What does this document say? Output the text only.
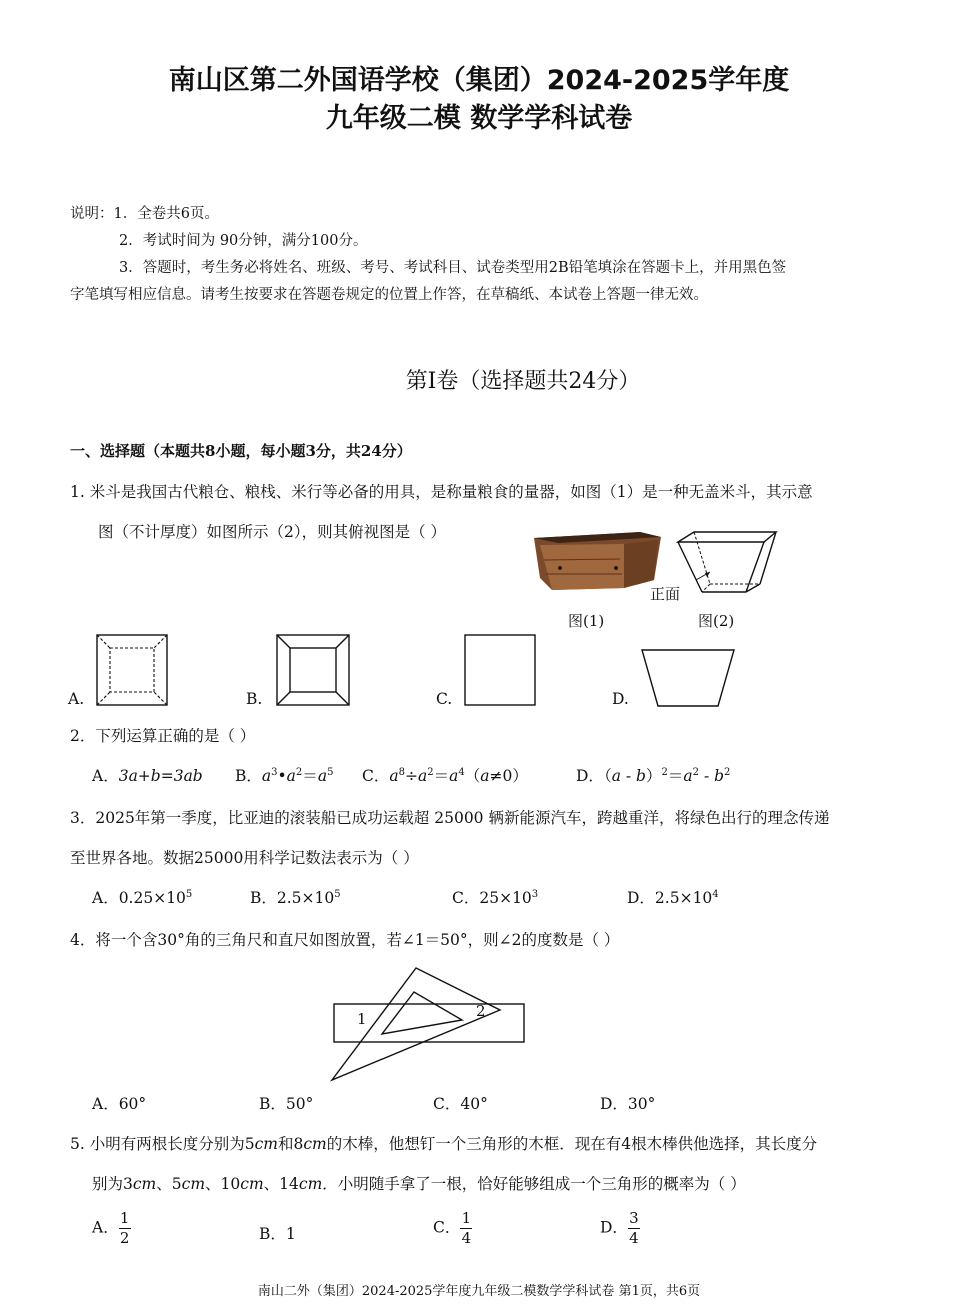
南山区第二外国语学校（集团）2024-2025学年度
九年级二模 数学学科试卷
说明：1．全卷共6页。
2．考试时间为 90分钟，满分100分。
3．答题时，考生务必将姓名、班级、考号、考试科目、试卷类型用2B铅笔填涂在答题卡上，并用黑色签
字笔填写相应信息。请考生按要求在答题卷规定的位置上作答，在草稿纸、本试卷上答题一律无效。
第Ⅰ卷（选择题共24分）
一、选择题（本题共8小题，每小题3分，共24分）
1. 米斗是我国古代粮仓、粮栈、米行等必备的用具，是称量粮食的量器，如图（1）是一种无盖米斗，其示意
图（不计厚度）如图所示（2），则其俯视图是（ ）
正面
图(1)	图(2)
A.	B.	C.	D.
2．下列运算正确的是（ ）
A．3a+b=3ab B．$a^3•a^2=a^5$ C．$a^8\div a^2=a^4(a\ne 0)$	D．$(a - b)^2=a^2 - b^2$
3．2025年第一季度，比亚迪的滚装船已成功运载超 25000 辆新能源汽车，跨越重洋，将绿色出行的理念传递
至世界各地。数据25000用科学记数法表示为（ ）
A．$0.25\times 10^5$	B．$2.5\times 10^5$	C．$25\times 10^3$	D．$2.5\times 10^4$
4．将一个含30°角的三角尺和直尺如图放置，若∠1＝50°，则∠2的度数是（ ）
1	2
A．60°	B．50°	C．40°	D．30°
5. 小明有两根长度分别为5cm和8cm的木棒，他想钉一个三角形的木框．现在有4根木棒供他选择，其长度分
别为3cm、5cm、10cm、14cm．小明随手拿了一根，恰好能够组成一个三角形的概率为（ ）
A． $\frac{1}{2}$	B．1	C． $\frac{1}{4}$	D． $\frac{3}{4}$
南山二外（集团）2024-2025学年度九年级二模数学学科试卷 第1页，共6页
